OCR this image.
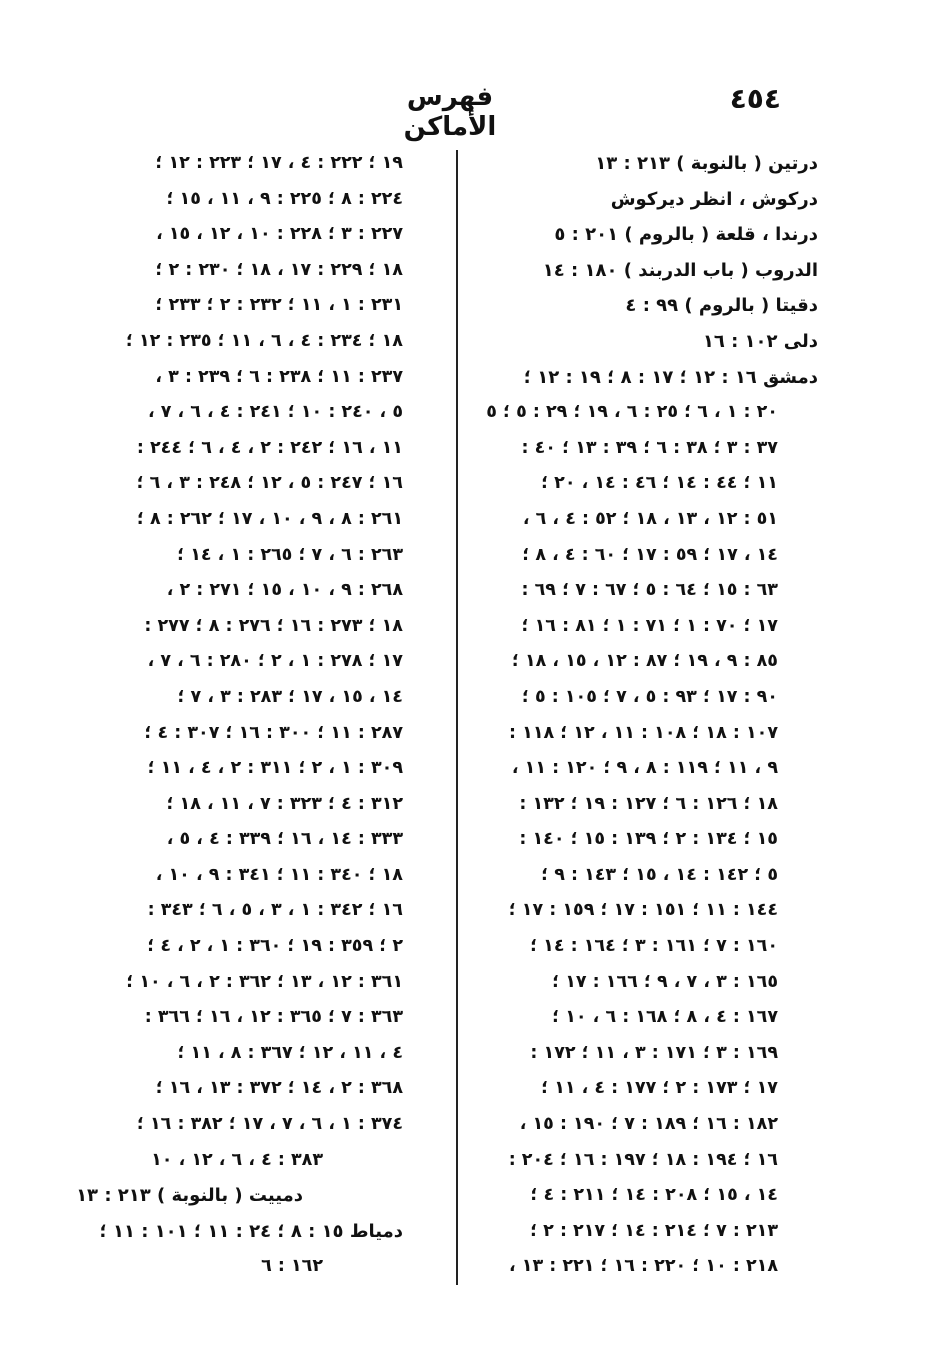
٤٥٤
فهرس الأماكن
درتين ( بالنوبة ) ٢١٣ : ١٣
دركوش ، انظر ديركوش
درندا ، قلعة ( بالروم ) ٢٠١ : ٥
الدروب ( باب الدربند ) ١٨٠ : ١٤
دقيتا ( بالروم ) ٩٩ : ٤
دلى ١٠٢ : ١٦
دمشق ١٦ : ١٢ ؛ ١٧ : ٨ ؛ ١٩ : ١٢ ؛
٢٠ : ١ ، ٦ ؛ ٢٥ : ٦ ، ١٩ ؛ ٢٩ : ٥ ؛ ٥
٣٧ : ٣ ؛ ٣٨ : ٦ ؛ ٣٩ : ١٣ ؛ ٤٠ :
١١ ؛ ٤٤ : ١٤ ؛ ٤٦ : ١٤ ، ٢٠ ؛
٥١ : ١٢ ، ١٣ ، ١٨ ؛ ٥٢ : ٤ ، ٦ ،
١٤ ، ١٧ ؛ ٥٩ : ١٧ ؛ ٦٠ : ٤ ، ٨ ؛
٦٣ : ١٥ ؛ ٦٤ : ٥ ؛ ٦٧ : ٧ ؛ ٦٩ :
١٧ ؛ ٧٠ : ١ ؛ ٧١ : ١ ؛ ٨١ : ١٦ ؛
٨٥ : ٩ ، ١٩ ؛ ٨٧ : ١٢ ، ١٥ ، ١٨ ؛
٩٠ : ١٧ ؛ ٩٣ : ٥ ، ٧ ؛ ١٠٥ : ٥ ؛
١٠٧ : ١٨ ؛ ١٠٨ : ١١ ، ١٢ ؛ ١١٨ :
٩ ، ١١ ؛ ١١٩ : ٨ ، ٩ ؛ ١٢٠ : ١١ ،
١٨ ؛ ١٢٦ : ٦ ؛ ١٢٧ : ١٩ ؛ ١٣٢ :
١٥ ؛ ١٣٤ : ٢ ؛ ١٣٩ : ١٥ ؛ ١٤٠ :
٥ ؛ ١٤٢ : ١٤ ، ١٥ ؛ ١٤٣ : ٩ ؛
١٤٤ : ١١ ؛ ١٥١ : ١٧ ؛ ١٥٩ : ١٧ ؛
١٦٠ : ٧ ؛ ١٦١ : ٣ ؛ ١٦٤ : ١٤ ؛
١٦٥ : ٣ ، ٧ ، ٩ ؛ ١٦٦ : ١٧ ؛
١٦٧ : ٤ ، ٨ ؛ ١٦٨ : ٦ ، ١٠ ؛
١٦٩ : ٣ ؛ ١٧١ : ٣ ، ١١ ؛ ١٧٢ :
١٧ ؛ ١٧٣ : ٢ ؛ ١٧٧ : ٤ ، ١١ ؛
١٨٢ : ١٦ ؛ ١٨٩ : ٧ ؛ ١٩٠ : ١٥ ،
١٦ ؛ ١٩٤ : ١٨ ؛ ١٩٧ : ١٦ ؛ ٢٠٤ :
١٤ ، ١٥ ؛ ٢٠٨ : ١٤ ؛ ٢١١ : ٤ ؛
٢١٣ : ٧ ؛ ٢١٤ : ١٤ ؛ ٢١٧ : ٢ ؛
٢١٨ : ١٠ ؛ ٢٢٠ : ١٦ ؛ ٢٢١ : ١٣ ،
١٩ ؛ ٢٢٢ : ٤ ، ١٧ ؛ ٢٢٣ : ١٢ ؛
٢٢٤ : ٨ ؛ ٢٢٥ : ٩ ، ١١ ، ١٥ ؛
٢٢٧ : ٣ ؛ ٢٢٨ : ١٠ ، ١٢ ، ١٥ ،
١٨ ؛ ٢٢٩ : ١٧ ، ١٨ ؛ ٢٣٠ : ٢ ؛
٢٣١ : ١ ، ١١ ؛ ٢٣٢ : ٢ ؛ ٢٣٣ ؛
١٨ ؛ ٢٣٤ : ٤ ، ٦ ، ١١ ؛ ٢٣٥ : ١٢ ؛
٢٣٧ : ١١ ؛ ٢٣٨ : ٦ ؛ ٢٣٩ : ٣ ،
٥ ، ٢٤٠ : ١٠ ؛ ٢٤١ : ٤ ، ٦ ، ٧ ،
١١ ، ١٦ ؛ ٢٤٢ : ٢ ، ٤ ، ٦ ؛ ٢٤٤ :
١٦ ؛ ٢٤٧ : ٥ ، ١٢ ؛ ٢٤٨ : ٣ ، ٦ ؛
٢٦١ : ٨ ، ٩ ، ١٠ ، ١٧ ؛ ٢٦٢ : ٨ ؛
٢٦٣ : ٦ ، ٧ ؛ ٢٦٥ : ١ ، ١٤ ؛
٢٦٨ : ٩ ، ١٠ ، ١٥ ؛ ٢٧١ : ٢ ،
١٨ ؛ ٢٧٣ : ١٦ ؛ ٢٧٦ : ٨ ؛ ٢٧٧ :
١٧ ؛ ٢٧٨ : ١ ، ٢ ؛ ٢٨٠ : ٦ ، ٧ ،
١٤ ، ١٥ ، ١٧ ؛ ٢٨٣ : ٣ ، ٧ ؛
٢٨٧ : ١١ ؛ ٣٠٠ : ١٦ ؛ ٣٠٧ : ٤ ؛
٣٠٩ : ١ ، ٢ ؛ ٣١١ : ٢ ، ٤ ، ١١ ؛
٣١٢ : ٤ ؛ ٣٢٣ : ٧ ، ١١ ، ١٨ ؛
٣٣٣ : ١٤ ، ١٦ ؛ ٣٣٩ : ٤ ، ٥ ،
١٨ ؛ ٣٤٠ : ١١ ؛ ٣٤١ : ٩ ، ١٠ ،
١٦ ؛ ٣٤٢ : ١ ، ٣ ، ٥ ، ٦ ؛ ٣٤٣ :
٢ ؛ ٣٥٩ : ١٩ ؛ ٣٦٠ : ١ ، ٢ ، ٤ ؛
٣٦١ : ١٢ ، ١٣ ؛ ٣٦٢ : ٢ ، ٦ ، ١٠ ؛
٣٦٣ : ٧ ؛ ٣٦٥ : ١٢ ، ١٦ ؛ ٣٦٦ :
٤ ، ١١ ، ١٢ ؛ ٣٦٧ : ٨ ، ١١ ؛
٣٦٨ : ٢ ، ١٤ ؛ ٣٧٢ : ١٣ ، ١٦ ؛
٣٧٤ : ١ ، ٦ ، ٧ ، ١٧ ؛ ٣٨٢ : ١٦ ؛
٣٨٣ : ٤ ، ٦ ، ١٢ ، ١٠
دمييت ( بالنوبة ) ٢١٣ : ١٣
دمياط ١٥ : ٨ ؛ ٢٤ : ١١ ؛ ١٠١ : ١١ ؛
١٦٢ : ٦
